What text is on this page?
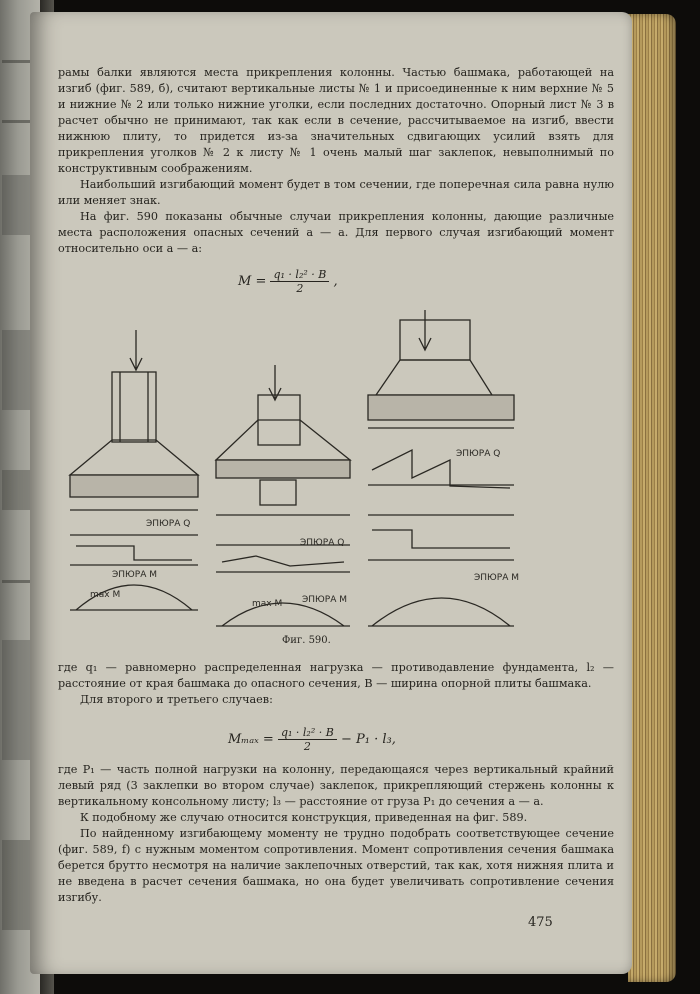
рамы балки являются места прикрепления колонны. Частью башмака, работающей на изгиб (фиг. 589, б), считают вертикальные листы № 1 и присоединенные к ним верхние № 5 и нижние № 2 или только нижние уголки, если последних достаточно. Опорный лист № 3 в расчет обычно не принимают, так как если в сечение, рассчитываемое на изгиб, ввести нижнюю плиту, то придется из-за значительных сдвигающих усилий взять для прикрепления уголков № 2 к листу № 1 очень малый шаг заклепок, невыполнимый по конструктивным соображениям.

Наибольший изгибающий момент будет в том сечении, где поперечная сила равна нулю или меняет знак.

На фиг. 590 показаны обычные случаи прикрепления колонны, дающие различные места расположения опасных сечений a — a. Для первого случая изгибающий момент относительно оси a — a:

$M = \frac{\text{q₁ · l₂² · B}}{2}$ ,
ЭПЮРА Q
ЭПЮРА M
max M
ЭПЮРА Q
ЭПЮРА M
max M
ЭПЮРА Q
ЭПЮРА M
Фиг. 590.

где q₁ — равномерно распределенная нагрузка — противодавление фундамента, l₂ — расстояние от края башмака до опасного сечения, B — ширина опорной плиты башмака.

Для второго и третьего случаев:

$M_{max} = \frac{\text{q₁ · l₂² · B}}{2} - P_1 \cdot l_3$,

где P₁ — часть полной нагрузки на колонну, передающаяся через вертикальный крайний левый ряд (3 заклепки во втором случае) заклепок, прикрепляющий стержень колонны к вертикальному консольному листу; l₃ — расстояние от груза P₁ до сечения a — a.

К подобному же случаю относится конструкция, приведенная на фиг. 589.

По найденному изгибающему моменту не трудно подобрать соответствующее сечение (фиг. 589, f) с нужным моментом сопротивления. Момент сопротивления сечения башмака берется брутто несмотря на наличие заклепочных отверстий, так как, хотя нижняя плита и не введена в расчет сечения башмака, но она будет увеличивать сопротивление сечения изгибу.

475
